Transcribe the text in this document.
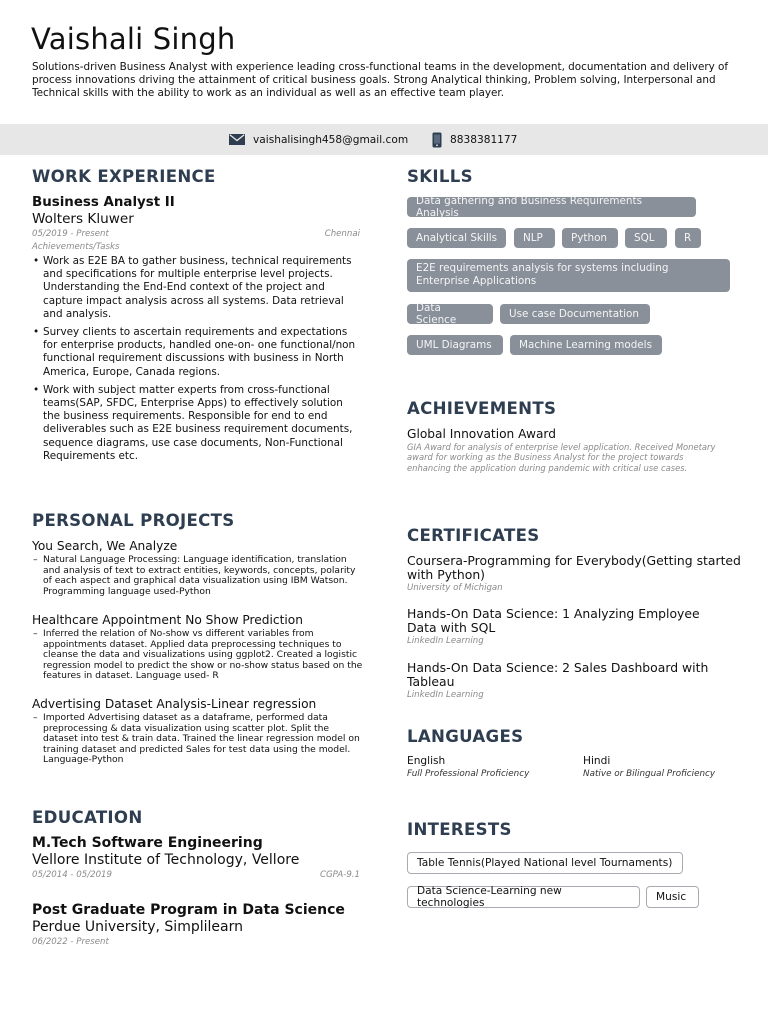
Vaishali Singh
Solutions-driven Business Analyst with experience leading cross-functional teams in the development, documentation and delivery of process innovations driving the attainment of critical business goals. Strong Analytical thinking, Problem solving, Interpersonal and Technical skills with the ability to work as an individual as well as an effective team player.
vaishalisingh458@gmail.com	8838381177
WORK EXPERIENCE
Business Analyst II
Wolters Kluwer
05/2019 - Present	Chennai
Achievements/Tasks
• Work as E2E BA to gather business, technical requirements and specifications for multiple enterprise level projects. Understanding the End-End context of the project and capture impact analysis across all systems. Data retrieval and analysis.
• Survey clients to ascertain requirements and expectations for enterprise products, handled one-on- one functional/non functional requirement discussions with business in North America, Europe, Canada regions.
• Work with subject matter experts from cross-functional teams(SAP, SFDC, Enterprise Apps) to effectively solution the business requirements. Responsible for end to end deliverables such as E2E business requirement documents, sequence diagrams, use case documents, Non-Functional Requirements etc.
PERSONAL PROJECTS
You Search, We Analyze
– Natural Language Processing: Language identification, translation and analysis of text to extract entities, keywords, concepts, polarity of each aspect and graphical data visualization using IBM Watson. Programming language used-Python
Healthcare Appointment No Show Prediction
– Inferred the relation of No-show vs different variables from appointments dataset. Applied data preprocessing techniques to cleanse the data and visualizations using ggplot2. Created a logistic regression model to predict the show or no-show status based on the features in dataset. Language used- R
Advertising Dataset Analysis-Linear regression
– Imported Advertising dataset as a dataframe, performed data preprocessing & data visualization using scatter plot. Split the dataset into test & train data. Trained the linear regression model on training dataset and predicted Sales for test data using the model. Language-Python
EDUCATION
M.Tech Software Engineering
Vellore Institute of Technology, Vellore
05/2014 - 05/2019	CGPA-9.1
Post Graduate Program in Data Science
Perdue University, Simplilearn
06/2022 - Present
SKILLS
Data gathering and Business Requirements Analysis
Analytical Skills	NLP	Python	SQL	R
E2E requirements analysis for systems including Enterprise Applications
Data Science	Use case Documentation
UML Diagrams	Machine Learning models
ACHIEVEMENTS
Global Innovation Award
GIA Award for analysis of enterprise level application. Received Monetary award for working as the Business Analyst for the project towards enhancing the application during pandemic with critical use cases.
CERTIFICATES
Coursera-Programming for Everybody(Getting started with Python)
University of Michigan
Hands-On Data Science: 1 Analyzing Employee Data with SQL
LinkedIn Learning
Hands-On Data Science: 2 Sales Dashboard with Tableau
LinkedIn Learning
LANGUAGES
English
Full Professional Proficiency
Hindi
Native or Bilingual Proficiency
INTERESTS
Table Tennis(Played National level Tournaments)
Data Science-Learning new technologies	Music
